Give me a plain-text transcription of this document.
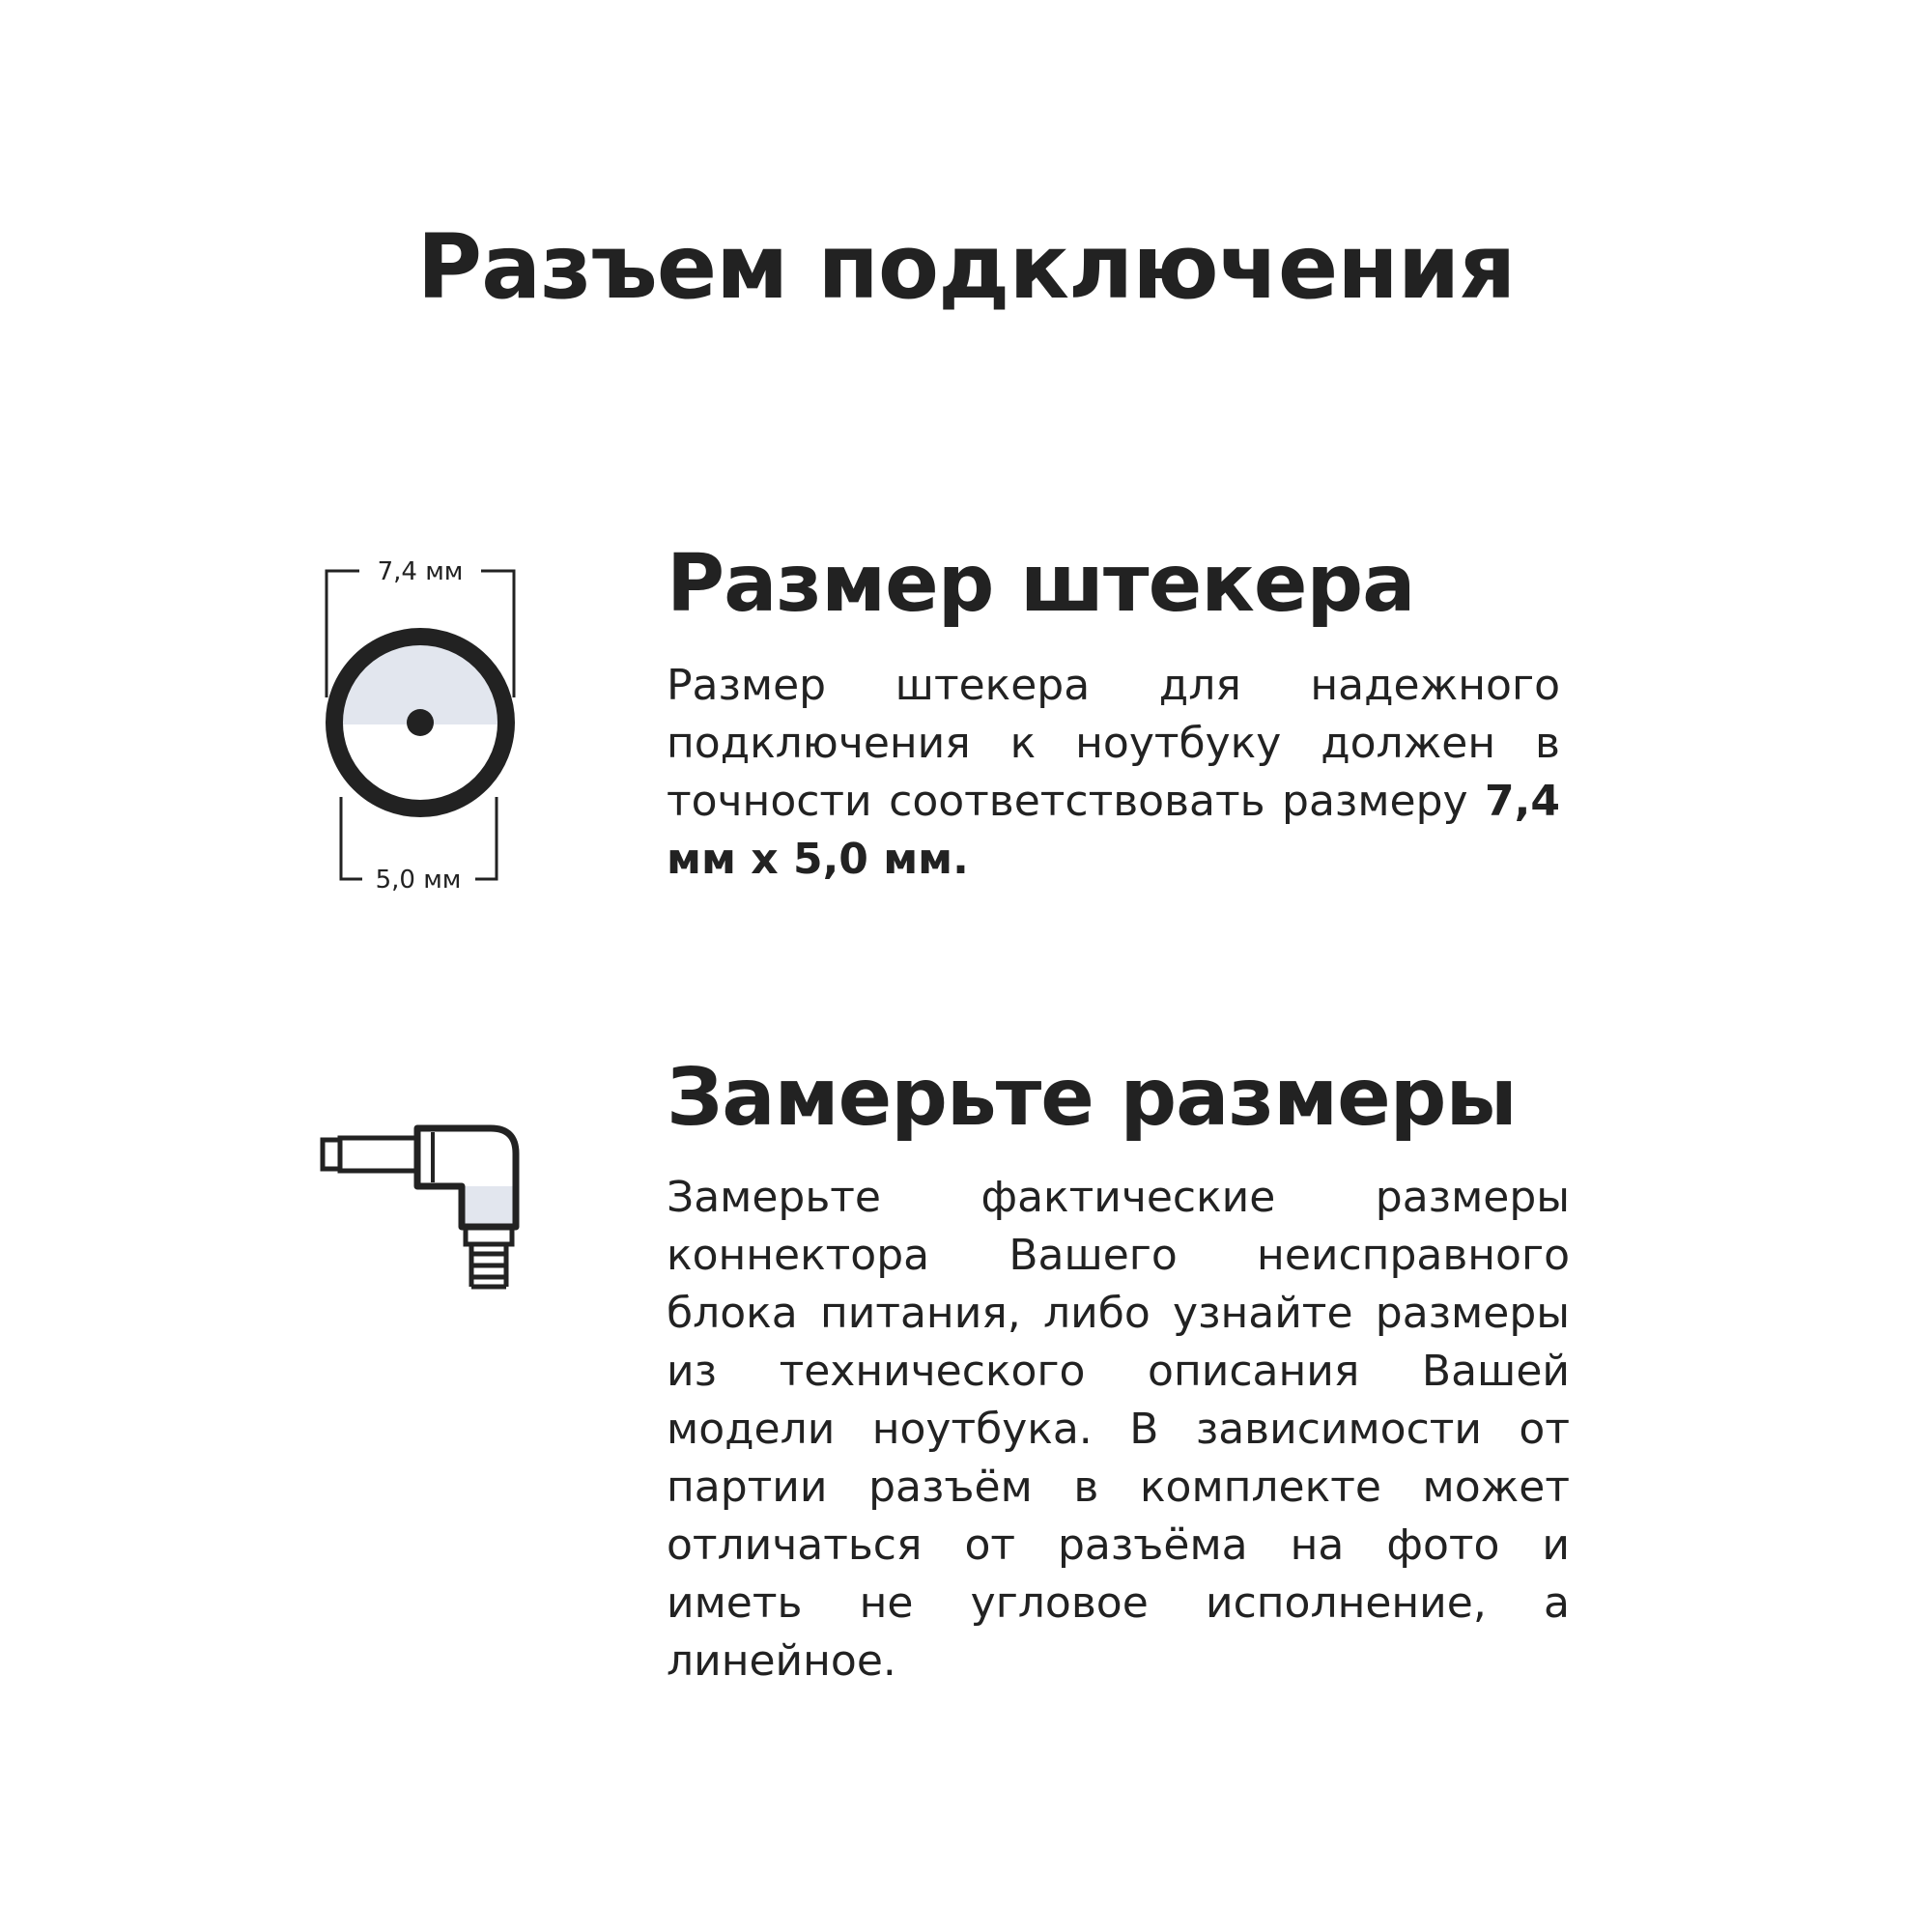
Разъем подключения
7,4 мм
5,0 мм
Размер штекера

Размер штекера для надежного подключения к ноутбуку должен в точности соответствовать размеру 7,4 мм x 5,0 мм.

Замерьте размеры

Замерьте фактические размеры коннектора Вашего неисправного блока питания, либо узнайте размеры из технического описания Вашей модели ноутбука. В зависимости от партии разъём в комплекте может отличаться от разъёма на фото и иметь не угловое исполнение, а линейное.
